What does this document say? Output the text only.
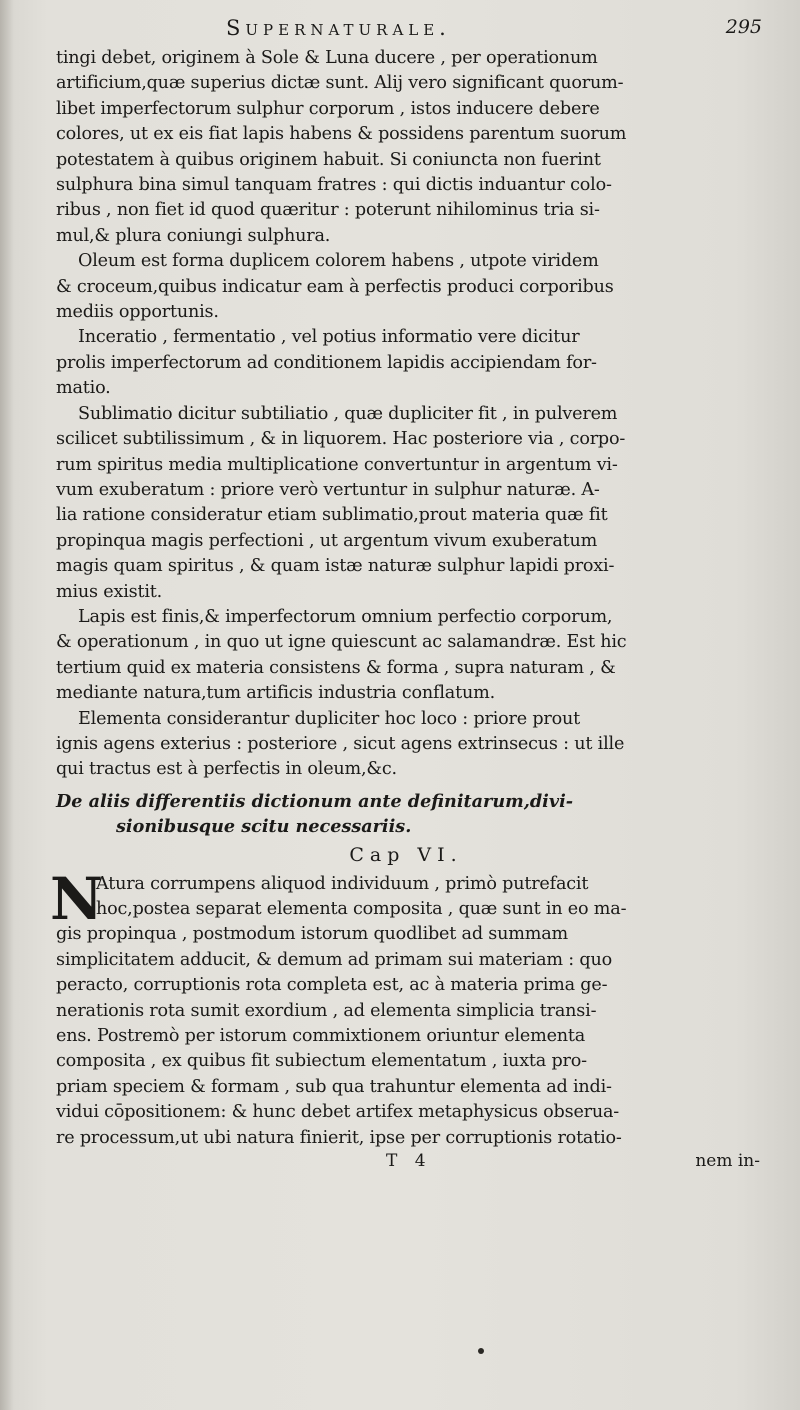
Supernaturale.	295
tingi debet, originem à Sole & Luna ducere , per operationum
artificium,quæ superius dictæ sunt. Alij vero significant quorum-
libet imperfectorum sulphur corporum , istos inducere debere
colores, ut ex eis fiat lapis habens & possidens parentum suorum
potestatem à quibus originem habuit. Si coniuncta non fuerint
sulphura bina simul tanquam fratres : qui dictis induantur colo-
ribus , non fiet id quod quæritur : poterunt nihilominus tria si-
mul,& plura coniungi sulphura.
Oleum est forma duplicem colorem habens , utpote viridem
& croceum,quibus indicatur eam à perfectis produci corporibus
mediis opportunis.
Inceratio , fermentatio , vel potius informatio vere dicitur
prolis imperfectorum ad conditionem lapidis accipiendam for-
matio.
Sublimatio dicitur subtiliatio , quæ dupliciter fit , in pulverem
scilicet subtilissimum , & in liquorem. Hac posteriore via , corpo-
rum spiritus media multiplicatione convertuntur in argentum vi-
vum exuberatum : priore verò vertuntur in sulphur naturæ. A-
lia ratione consideratur etiam sublimatio,prout materia quæ fit
propinqua magis perfectioni , ut argentum vivum exuberatum
magis quam spiritus , & quam istæ naturæ sulphur lapidi proxi-
mius existit.
Lapis est finis,& imperfectorum omnium perfectio corporum,
& operationum , in quo ut igne quiescunt ac salamandræ. Est hic
tertium quid ex materia consistens & forma , supra naturam , &
mediante natura,tum artificis industria conflatum.
Elementa considerantur dupliciter hoc loco : priore prout
ignis agens exterius : posteriore , sicut agens extrinsecus : ut ille
qui tractus est à perfectis in oleum,&c.
De aliis differentiis dictionum ante definitarum,divi-
sionibusque scitu necessariis.
Cap VI.
N
Atura corrumpens aliquod individuum , primò putrefacit
hoc,postea separat elementa composita , quæ sunt in eo ma-
gis propinqua , postmodum istorum quodlibet ad summam
simplicitatem adducit, & demum ad primam sui materiam : quo
peracto, corruptionis rota completa est, ac à materia prima ge-
nerationis rota sumit exordium , ad elementa simplicia transi-
ens. Postremò per istorum commixtionem oriuntur elementa
composita , ex quibus fit subiectum elementatum , iuxta pro-
priam speciem & formam , sub qua trahuntur elementa ad indi-
vidui cōpositionem: & hunc debet artifex metaphysicus obserua-
re processum,ut ubi natura finierit, ipse per corruptionis rotatio-
T 4	nem in-
